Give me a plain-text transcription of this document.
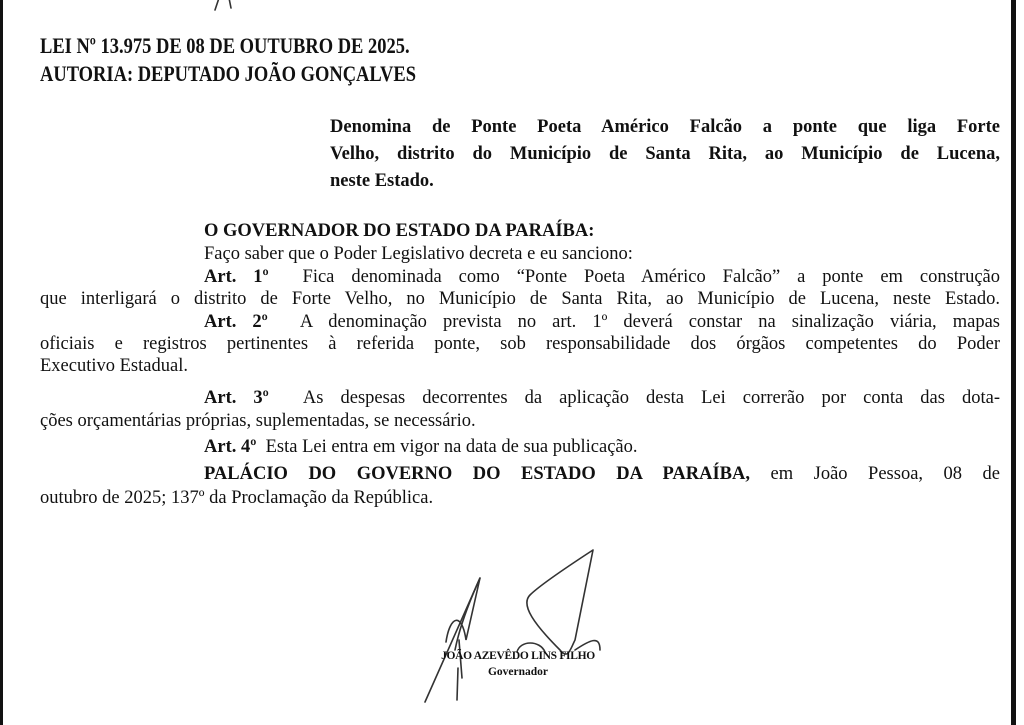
LEI Nº 13.975 DE 08 DE OUTUBRO DE 2025.
AUTORIA: DEPUTADO JOÃO GONÇALVES
Denomina de Ponte Poeta Américo Falcão a ponte que liga Forte
Velho, distrito do Município de Santa Rita, ao Município de Lucena,
neste Estado.
O GOVERNADOR DO ESTADO DA PARAÍBA:
Faço saber que o Poder Legislativo decreta e eu sanciono:
Art. 1º Fica denominada como “Ponte Poeta Américo Falcão” a ponte em construção
que interligará o distrito de Forte Velho, no Município de Santa Rita, ao Município de Lucena, neste Estado.
Art. 2º A denominação prevista no art. 1º deverá constar na sinalização viária, mapas
oficiais e registros pertinentes à referida ponte, sob responsabilidade dos órgãos competentes do Poder
Executivo Estadual.
Art. 3º As despesas decorrentes da aplicação desta Lei correrão por conta das dota-
ções orçamentárias próprias, suplementadas, se necessário.
Art. 4º Esta Lei entra em vigor na data de sua publicação.
PALÁCIO DO GOVERNO DO ESTADO DA PARAÍBA, em João Pessoa, 08 de
outubro de 2025; 137º da Proclamação da República.
JOÃO AZEVÊDO LINS FILHO
Governador
